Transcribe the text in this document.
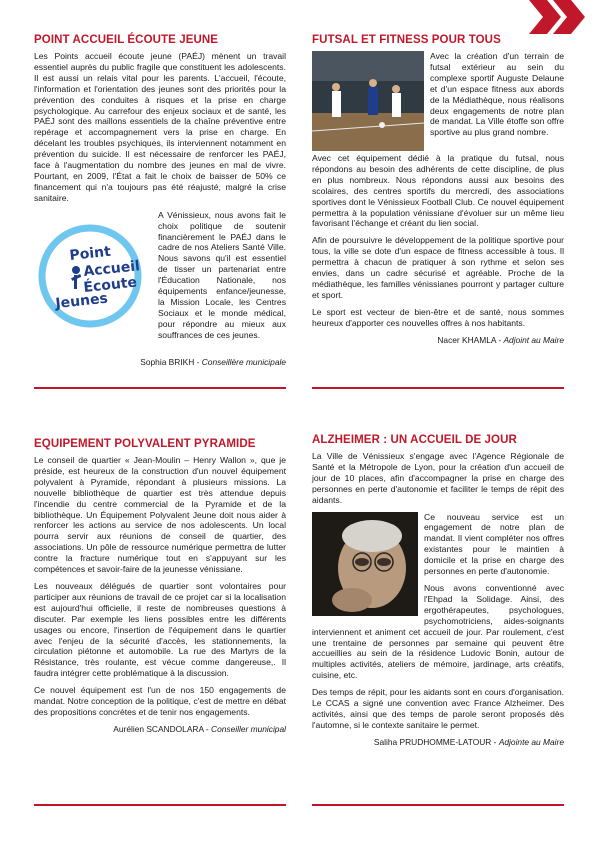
POINT ACCUEIL ÉCOUTE JEUNE

Les Points accueil écoute jeune (PAÉJ) mènent un travail essentiel auprès du public fragile que constituent les adolescents. Il est aussi un relais vital pour les parents. L'accueil, l'écoute, l'information et l'orientation des jeunes sont des priorités pour la prévention des conduites à risques et la prise en charge psychologique. Au carrefour des enjeux sociaux et de santé, les PAÉJ sont des maillons essentiels de la chaîne préventive entre repérage et accompagnement vers la prise en charge. En décelant les troubles psychiques, ils interviennent notamment en prévention du suicide. Il est nécessaire de renforcer les PAÉJ, face à l'augmentation du nombre des jeunes en mal de vivre. Pourtant, en 2009, l'État a fait le choix de baisser de 50% ce financement qui n'a toujours pas été réajusté, malgré la crise sanitaire.

Point
Accueil
Écoute
Jeunes

A Vénissieux, nous avons fait le choix politique de soutenir financièrement le PAÉJ dans le cadre de nos Ateliers Santé Ville. Nous savons qu'il est essentiel de tisser un partenariat entre l'Éducation Nationale, nos équipements enfance/jeunesse, la Mission Locale, les Centres Sociaux et le monde médical, pour répondre au mieux aux souffrances de ces jeunes.

Sophia BRIKH - Conseillère municipale
FUTSAL ET FITNESS POUR TOUS

Avec la création d'un terrain de futsal extérieur au sein du complexe sportif Auguste Delaune et d'un espace fitness aux abords de la Médiathèque, nous réalisons deux engagements de notre plan de mandat. La Ville étoffe son offre sportive au plus grand nombre.

Avec cet équipement dédié à la pratique du futsal, nous répondons au besoin des adhérents de cette discipline, de plus en plus nombreux. Nous répondons aussi aux besoins des scolaires, des centres sportifs du mercredi, des associations sportives dont le Vénissieux Football Club. Ce nouvel équipement permettra à la population vénissiane d'évoluer sur un même lieu favorisant l'échange et créant du lien social.

Afin de poursuivre le développement de la politique sportive pour tous, la ville se dote d'un espace de fitness accessible à tous. Il permettra à chacun de pratiquer à son rythme et selon ses envies, dans un cadre sécurisé et agréable. Proche de la médiathèque, les familles vénissianes pourront y partager culture et sport.

Le sport est vecteur de bien-être et de santé, nous sommes heureux d'apporter ces nouvelles offres à nos habitants.

Nacer KHAMLA - Adjoint au Maire
EQUIPEMENT POLYVALENT PYRAMIDE

Le conseil de quartier « Jean-Moulin – Henry Wallon », que je préside, est heureux de la construction d'un nouvel équipement polyvalent à Pyramide, répondant à plusieurs missions. La nouvelle bibliothèque de quartier est très attendue depuis l'incendie du centre commercial de la Pyramide et de la bibliothèque. Un Équipement Polyvalent Jeune doit nous aider à renforcer les actions au service de nos adolescents. Un local pourra servir aux réunions de conseil de quartier, des associations. Un pôle de ressource numérique permettra de lutter contre la fracture numérique tout en s'appuyant sur les compétences et savoir-faire de la jeunesse vénissiane.

Les nouveaux délégués de quartier sont volontaires pour participer aux réunions de travail de ce projet car si la localisation est aujourd'hui officielle, il reste de nombreuses questions à discuter. Par exemple les liens possibles entre les différents usages ou encore, l'insertion de l'équipement dans le quartier avec l'enjeu de la sécurité d'accès, les stationnements, la circulation piétonne et automobile. La rue des Martyrs de la Résistance, très roulante, est vécue comme dangereuse,. Il faudra intégrer cette problématique à la discussion.

Ce nouvel équipement est l'un de nos 150 engagements de mandat. Notre conception de la politique, c'est de mettre en débat des propositions concrètes et de tenir nos engagements.

Aurélien SCANDOLARA - Conseiller municipal
ALZHEIMER : UN ACCUEIL DE JOUR

La Ville de Vénissieux s'engage avec l'Agence Régionale de Santé et la Métropole de Lyon, pour la création d'un accueil de jour de 10 places, afin d'accompagner la prise en charge des personnes en perte d'autonomie et faciliter le temps de répit des aidants.

Ce nouveau service est un engagement de notre plan de mandat. Il vient compléter nos offres existantes pour le maintien à domicile et la prise en charge des personnes en perte d'autonomie.

Nous avons conventionné avec l'Ehpad la Solidage. Ainsi, des ergothérapeutes, psychologues, psychomotriciens, aides-soignants interviennent et animent cet accueil de jour. Par roulement, c'est une trentaine de personnes par semaine qui peuvent être accueillies au sein de la résidence Ludovic Bonin, autour de multiples activités, ateliers de mémoire, jardinage, arts créatifs, cuisine, etc.

Des temps de répit, pour les aidants sont en cours d'organisation. Le CCAS a signé une convention avec France Alzheimer. Des activités, ainsi que des temps de parole seront proposés dès l'automne, si le contexte sanitaire le permet.

Saliha PRUDHOMME-LATOUR - Adjointe au Maire
